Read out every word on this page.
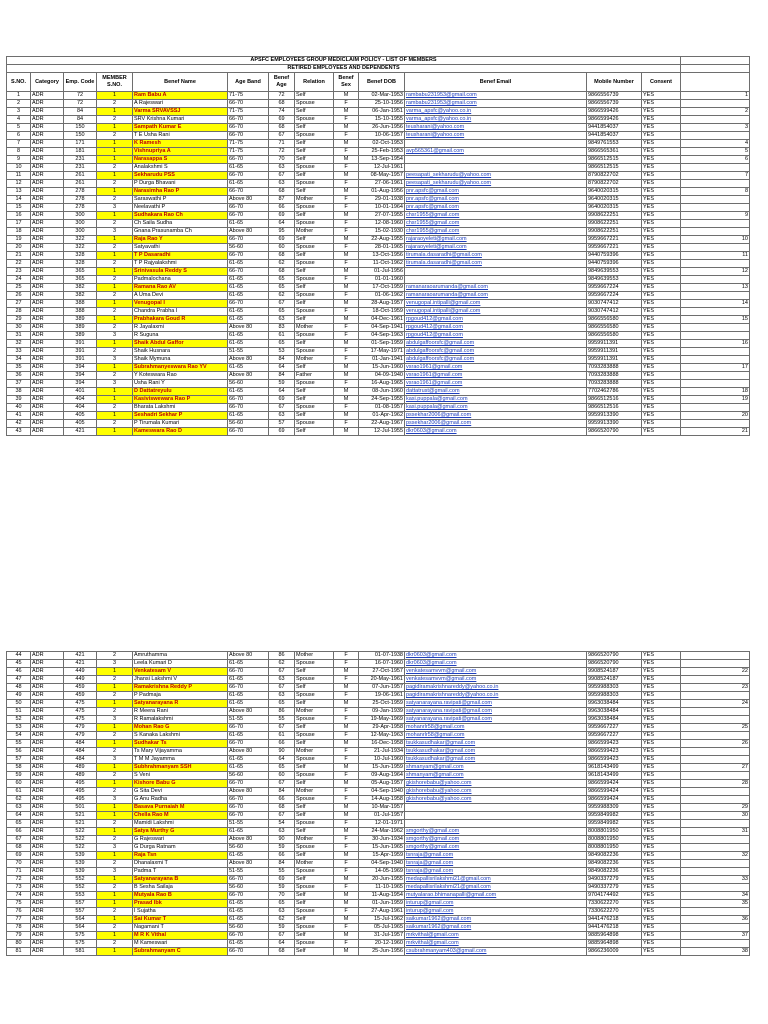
APSFC EMPLOYEES GROUP MEDICLAIM POLICY - LIST OF MEMBERS													
RETIRED EMPLOYEES AND DEPENDENTS													
S.NO.	Category	Emp. Code	MEMBER S.NO.	Benef Name	Age Band	Benef Age	Relation	Benef Sex	Benef DOB	Benef Email	Mobile Number	Consent	
1	ADR	72	1	Ram Babu A	71-75	72	Self	M	02-Mar-1953	rambabu231953@gmail.com	9866556739	YES	1
2	ADR	72	2	A Rajeswari	66-70	68	Spouse	F	25-10-1956	rambabu231953@gmail.com	9866556739	YES	
3	ADR	84	1	Varma SRVAVSSJ	71-75	74	Self	M	06-Jan-1951	varma_apsfc@yahoo.co.in	9866599426	YES	2
4	ADR	84	2	SRV Krishna Kumari	66-70	69	Spouse	F	15-10-1955	varma_apsfc@yahoo.co.in	9866599426	YES	
5	ADR	150	1	Sampath Kumar E	66-70	68	Self	M	26-Jun-1956	teusharani@yahoo.com	9441854037	YES	3
6	ADR	150	2	T E Usha Rani	66-70	67	Spouse	F	10-06-1957	teusharani@yahoo.com	9441854037	YES	
7	ADR	171	1	K Ramesh	71-75	71	Self	M	02-Oct-1953		9849761553	YES	4
8	ADR	181	1	Vishnupriya A	71-75	72	Self	F	25-Feb-1953	avp565361@gmail.com	9866565361	YES	5
9	ADR	231	1	Narasappa S	66-70	70	Self	M	13-Sep-1954		9866512515	YES	6
10	ADR	231	2	Analakshmi S	61-65	63	Spouse	F	12-Jul-1961		9866512515	YES	
11	ADR	261	1	Sekharudu PSS	66-70	67	Self	M	08-May-1957	peesapati_sekharudu@yahoo.com	8790822702	YES	7
12	ADR	261	2	P Durga Bhavani	61-65	63	Spouse	F	27-06-1961	peesapati_sekharudu@yahoo.com	8790822702	YES	
13	ADR	278	1	Narasimha Rao P	66-70	68	Self	M	01-Aug-1956	pnr.apsfc@gmail.com	9640020315	YES	8
14	ADR	278	2	Saraswathi P	Above 80	87	Mother	F	29-01-1938	pnr.apsfc@gmail.com	9640020315	YES	
15	ADR	278	3	Neelavathi P	66-70	66	Spouse	F	10-01-1964	pnr.apsfc@gmail.com	9640020315	YES	
16	ADR	300	1	Sudhakara Rao Ch	66-70	69	Self	M	27-07-1955	chsr1955@gmail.com	9908622251	YES	9
17	ADR	300	2	Ch Saila Sudha	61-65	64	Spouse	F	12-08-1960	chsr1955@gmail.com	9908622251	YES	
18	ADR	300	3	Gnana Prasunamba Ch	Above 80	95	Mother	F	15-02-1930	chsr1955@gmail.com	9908622251	YES	
19	ADR	322	1	Raja Rao Y	66-70	69	Self	M	22-Aug-1955	rajaraoyeleti@gmail.com	9959667221	YES	10
20	ADR	322	2	Satyavathi	56-60	60	Spouse	F	28-01-1965	rajaraoyeleti@gmail.com	9959667221	YES	
21	ADR	328	1	T P Dasaradhi	66-70	68	Self	M	13-Oct-1956	tirumala.dasaradhi@gmail.com	9440759396	YES	11
22	ADR	328	2	T P Rajyalakshmi	61-65	62	Spouse	F	11-Oct-1962	tirumala.dasaradhi@gmail.com	9440759396	YES	
23	ADR	365	1	Srinivasula Reddy S	66-70	68	Self	M	01-Jul-1956		9849639553	YES	12
24	ADR	365	2	Padmalochana	61-65	65	Spouse	F	01-01-1960		9849639553	YES	
25	ADR	382	1	Ramana Rao AV	61-65	65	Self	M	17-Oct-1959	ramanaraoarumanda@gmail.com	9959667224	YES	13
26	ADR	382	2	A Uma Devi	61-65	62	Spouse	F	01-06-1962	ramanaraoarumanda@gmail.com	9959667224	YES	
27	ADR	388	1	Venugopal I	66-70	67	Self	M	28-Aug-1957	venugopal.intipalli@gmail.com	9030747412	YES	14
28	ADR	388	2	Chandra Prabha I	61-65	65	Spouse	F	18-Oct-1959	venugopal.intipalli@gmail.com	9030747412	YES	
29	ADR	389	1	Prabhakara Goud R	61-65	63	Self	M	04-Dec-1961	rpgoud412@gmail.com	9866556580	YES	15
30	ADR	389	2	R Jayalaxmi	Above 80	83	Mother	F	04-Sep-1941	rpgoud412@gmail.com	9866556580	YES	
31	ADR	389	3	R Suguna	61-65	61	Spouse	F	04-Sep-1963	rpgoud412@gmail.com	9866556580	YES	
32	ADR	391	1	Shaik Abdul Gaffor	61-65	65	Self	M	01-Sep-1959	abdulgaffoorsfc@gmail.com	9959911391	YES	16
33	ADR	391	2	Shaik Husnara	51-55	53	Spouse	F	17-May-1971	abdulgaffoorsfc@gmail.com	9959911391	YES	
34	ADR	391	3	Shaik Mymuna	Above 80	84	Mother	F	01-Jan-1941	abdulgaffoorsfc@gmail.com	9959911391	YES	
35	ADR	394	1	Subrahmanyeswara Rao YV	61-65	64	Self	M	15-Jun-1960	vsrao1961@gmail.com	7093283888	YES	17
36	ADR	394	2	Y Koteswara Rao	Above 80	84	Father	M	04-09-1940	vsrao1961@gmail.com	7093283888	YES	
37	ADR	394	3	Usha Rani Y	56-60	59	Spouse	F	16-Aug-1965	vsrao1961@gmail.com	7093283888	YES	
38	ADR	401	1	D Dattatreyulu	61-65	64	Self	M	08-Jun-1960	dattatrust@gmail.com	7702462786	YES	18
39	ADR	404	1	Kasiviswewara Rao P	66-70	69	Self	M	24-Sep-1955	kasi.puppala@gmail.com	9866512516	YES	19
40	ADR	404	2	Bharata Lakshmi	66-70	67	Spouse	F	01-08-1957	kasi.puppala@gmail.com	9866512516	YES	
41	ADR	405	1	Seshadri Sekhar P	61-65	63	Self	M	01-Apr-1962	pssekhar2006@gmail.com	9959913390	YES	20
42	ADR	405	2	P Tirumala Kumari	56-60	57	Spouse	F	22-Aug-1967	pssekhar2006@gmail.com	9959913390	YES	
43	ADR	421	1	Kameswara Rao D	66-70	69	Self	M	12-Jul-1955	dkr0603@gmail.com	9866520790	YES	21
44	ADR	421	2	Amruthamma	Above 80	86	Mother	F	01-07-1938	dkr0603@gmail.com	9866520790	YES	
45	ADR	421	3	Leela Kumari D	61-65	62	Spouse	F	16-07-1960	dkr0603@gmail.com	9866520790	YES	
46	ADR	449	1	Venkatesam V	66-70	67	Self	M	27-Oct-1957	venkatesamvvm@gmail.com	9908524187	YES	22
47	ADR	449	2	Jhansi Lakshmi V	61-65	63	Spouse	F	20-May-1961	venkatesamvvm@gmail.com	9908524187	YES	
48	ADR	459	1	Ramakrishna Reddy P	66-70	67	Self	M	07-Jun-1957	pagidiramakrishnareddy@yahoo.co.in	9959988303	YES	23
49	ADR	459	2	P Padmaja	61-65	63	Spouse	F	19-06-1961	pagidiramakrishnareddy@yahoo.co.in	9959988303	YES	
50	ADR	475	1	Satyanarayana R	61-65	65	Self	M	25-Oct-1959	satyanarayana.ravipati@gmail.com	9963038484	YES	24
51	ADR	475	2	R Meera Rani	Above 80	86	Mother	F	09-Jan-1939	satyanarayana.ravipati@gmail.com	9963038484	YES	
52	ADR	475	3	R Ramalakshmi	51-55	55	Spouse	F	19-May-1969	satyanarayana.ravipati@gmail.com	9963038484	YES	
53	ADR	479	1	Mohan Rao G	66-70	67	Self	M	29-Apr-1958	mohanrlr58@gmail.com	9959667227	YES	25
54	ADR	479	2	S Kanaka Lakshmi	61-65	61	Spouse	F	12-May-1963	mohanrlr58@gmail.com	9959667227	YES	
55	ADR	484	1	Sudhakar Ts	66-70	66	Self	M	16-Dec-1958	tsukkasudhakar@gmail.com	9866599423	YES	26
56	ADR	484	2	Ts Mary Vijayamma	Above 80	90	Mother	F	21-Jul-1934	tsukkasudhakar@gmail.com	9866599423	YES	
57	ADR	484	3	T M M Jayamma	61-65	64	Spouse	F	10-Jul-1960	tsukkasudhakar@gmail.com	9866599423	YES	
58	ADR	489	1	Subhrahmanyam SSH	61-65	65	Self	M	15-Jun-1959	shmanyam@gmail.com	9618143499	YES	27
59	ADR	489	2	S Veni	56-60	60	Spouse	F	09-Aug-1964	shmanyam@gmail.com	9618143499	YES	
60	ADR	495	1	Kishore Babu G	66-70	67	Self	M	05-Aug-1957	gkishorebabu@yahoo.com	9866599424	YES	28
61	ADR	495	2	G Sita Devi	Above 80	84	Mother	F	04-Sep-1940	gkishorebabu@yahoo.com	9866599424	YES	
62	ADR	495	3	G Anu Radha	66-70	66	Spouse	F	14-Aug-1958	gkishorebabu@yahoo.com	9866599424	YES	
63	ADR	501	1	Basava Purnaiah M	66-70	68	Self	M	10-Mar-1957		9959988309	YES	29
64	ADR	521	1	Chella Rao M	66-70	67	Self	M	01-Jul-1957		9959849982	YES	30
65	ADR	521	2	Mamidi Lakshmi	51-55	54	Spouse	F	12-01-1971		9959849982	YES	
66	ADR	522	1	Satya Murthy G	61-65	63	Self	M	24-Mar-1962	smgorthy@gmail.com	8008801950	YES	31
67	ADR	522	2	G Rajeswari	Above 80	90	Mother	F	30-Jun-1934	smgorthy@gmail.com	8008801950	YES	
68	ADR	522	3	G Durga Ratnam	56-60	59	Spouse	F	15-Jun-1965	smgorthy@gmail.com	8008801950	YES	
69	ADR	539	1	Raja Tsn	61-65	66	Self	M	15-Apr-1959	tsnraja@gmail.com	9849082236	YES	32
70	ADR	539	2	Dhanalaxmi T	Above 80	84	Mother	F	04-Sep-1940	tsnraja@gmail.com	9849082236	YES	
71	ADR	539	3	Padma T	51-55	55	Spouse	F	14-05-1969	tsnraja@gmail.com	9849082236	YES	
72	ADR	552	1	Satyanarayana B	66-70	69	Self	M	20-Jun-1955	medapallisrilakshmi21@gmail.com	9490337279	YES	33
73	ADR	552	2	B Sesha Sailaja	56-60	59	Spouse	F	11-10-1965	medapallisrilakshmi21@gmail.com	9490337279	YES	
74	ADR	553	1	Mutyala Rao B	66-70	70	Self	M	11-Aug-1954	mutyalarao.bhimanapalli@gmail.com	9704174492	YES	34
75	ADR	557	1	Prasad Ibk	61-65	65	Self	M	01-Jun-1959	inturup@gmail.com	7330622270	YES	35
76	ADR	557	2	I Sujatha	61-65	63	Spouse	F	27-Aug-1961	inturup@gmail.com	7330622270	YES	
77	ADR	564	1	Sai Kumar T	61-65	62	Self	M	15-Jul-1962	saikumar1962@gmail.com	9441476218	YES	36
78	ADR	564	2	Nagamani T	56-60	59	Spouse	F	05-Jul-1965	saikumar1962@gmail.com	9441476218	YES	
79	ADR	575	1	M R K Vithal	66-70	67	Self	M	31-Jul-1957	mrkvithal@gmail.com	9885964898	YES	37
80	ADR	575	2	M Kameswari	61-65	64	Spouse	F	20-12-1960	mrkvithal@gmail.com	9885964898	YES	
81	ADR	581	1	Subrahmanyam C	66-70	68	Self	M	25-Jun-1956	csubrahmanyam403@gmail.com	9866236009	YES	38
